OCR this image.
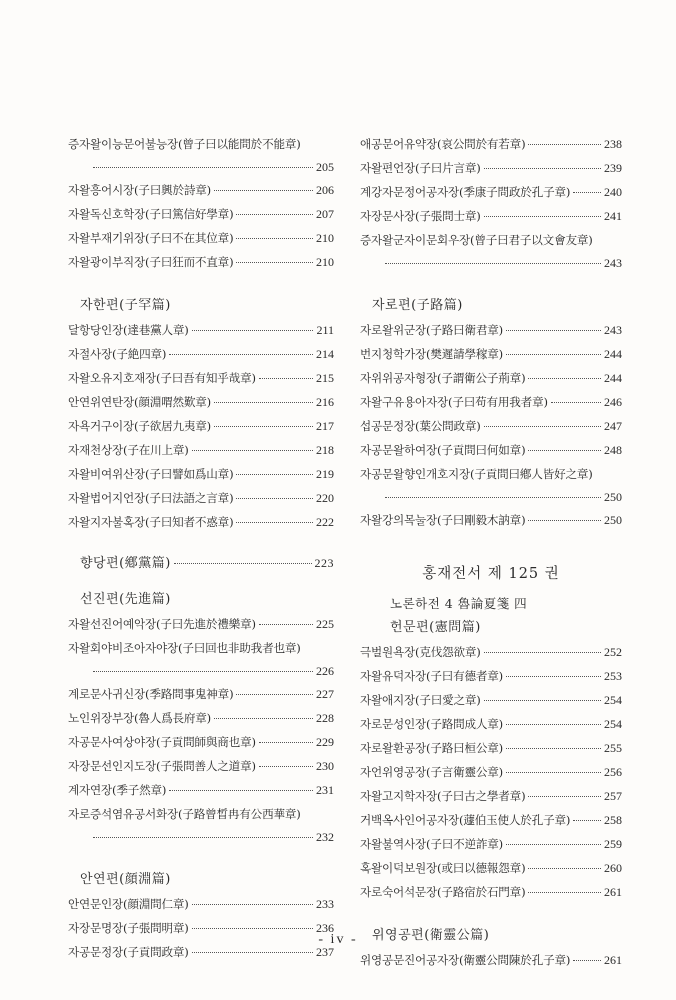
증자왈이능문어불능장(曾子曰以能問於不能章)
205
자왈흥어시장(子曰興於詩章)	206
자왈독신호학장(子曰篤信好學章)	207
자왈부재기위장(子曰不在其位章)	210
자왈광이부직장(子曰狂而不直章)	210
자한편(子罕篇)
달항당인장(達巷黨人章)	211
자절사장(子絶四章)	214
자왈오유지호재장(子曰吾有知乎哉章)	215
안연위연탄장(顔淵喟然歎章)	216
자욕거구이장(子欲居九夷章)	217
자재천상장(子在川上章)	218
자왈비여위산장(子曰譬如爲山章)	219
자왈법어지언장(子曰法語之言章)	220
자왈지자불혹장(子曰知者不惑章)	222
향당편(鄕黨篇)	223
선진편(先進篇)
자왈선진어예악장(子曰先進於禮樂章)	225
자왈회야비조아자야장(子曰回也非助我者也章)
226
계로문사귀신장(季路問事鬼神章)	227
노인위장부장(魯人爲長府章)	228
자공문사여상야장(子貢問師與商也章)	229
자장문선인지도장(子張問善人之道章)	230
계자연장(季子然章)	231
자로증석염유공서화장(子路曾晳冉有公西華章)
232
안연편(顔淵篇)
안연문인장(顔淵問仁章)	233
자장문명장(子張問明章)	236
자공문정장(子貢問政章)	237
애공문어유약장(哀公問於有若章)	238
자왈편언장(子曰片言章)	239
계강자문정어공자장(季康子問政於孔子章)	240
자장문사장(子張問士章)	241
증자왈군자이문회우장(曾子曰君子以文會友章)
243
자로편(子路篇)
자로왈위군장(子路曰衛君章)	243
번지청학가장(樊遲請學稼章)	244
자위위공자형장(子謂衛公子荊章)	244
자왈구유용아자장(子曰苟有用我者章)	246
섭공문정장(葉公問政章)	247
자공문왈하여장(子貢問曰何如章)	248
자공문왈향인개호지장(子貢問曰鄕人皆好之章)
250
자왈강의목눌장(子曰剛毅木訥章)	250
홍재전서 제 125 권
노론하전 4 魯論夏箋 四
헌문편(憲問篇)
극벌원욕장(克伐怨欲章)	252
자왈유덕자장(子曰有德者章)	253
자왈애지장(子曰愛之章)	254
자로문성인장(子路問成人章)	254
자로왈환공장(子路曰桓公章)	255
자언위영공장(子言衛靈公章)	256
자왈고지학자장(子曰古之學者章)	257
거백옥사인어공자장(蘧伯玉使人於孔子章)	258
자왈불역사장(子曰不逆詐章)	259
혹왈이덕보원장(或曰以德報怨章)	260
자로숙어석문장(子路宿於石門章)	261
위영공편(衛靈公篇)
위영공문진어공자장(衛靈公問陳於孔子章)	261
- iv -
